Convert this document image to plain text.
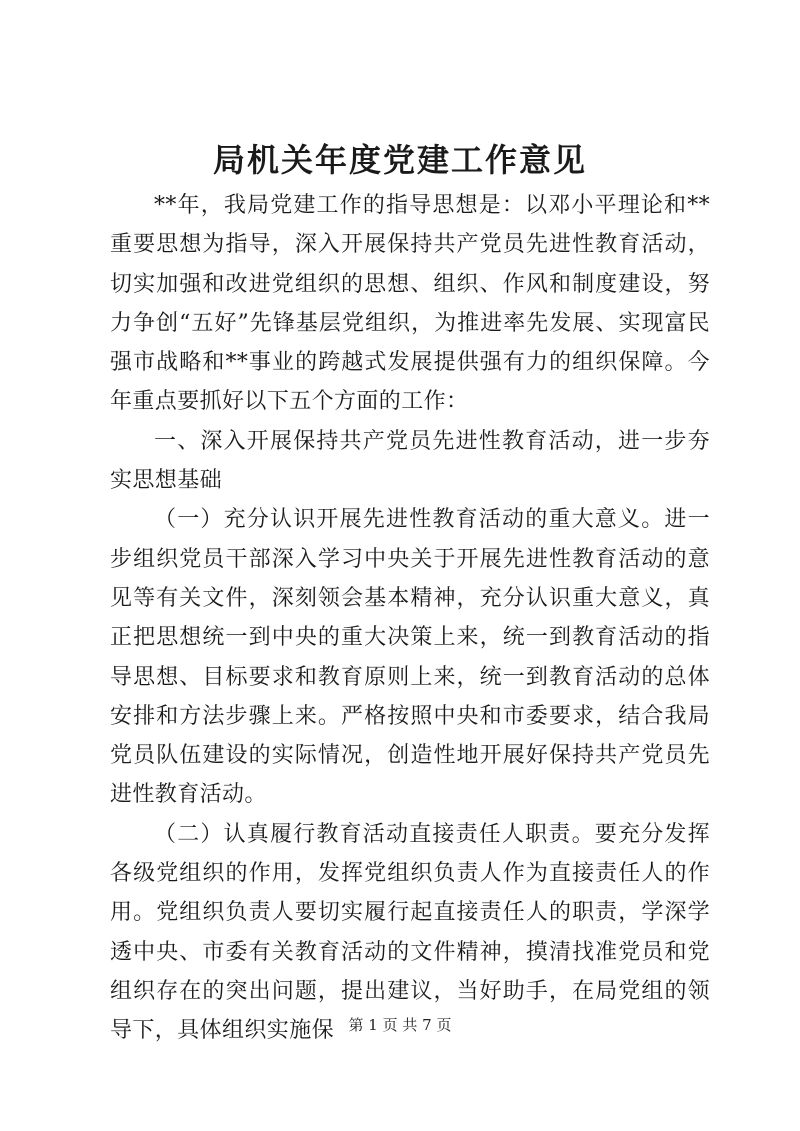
局机关年度党建工作意见

**年，我局党建工作的指导思想是：以邓小平理论和**重要思想为指导，深入开展保持共产党员先进性教育活动，切实加强和改进党组织的思想、组织、作风和制度建设，努力争创“五好”先锋基层党组织，为推进率先发展、实现富民强市战略和**事业的跨越式发展提供强有力的组织保障。今年重点要抓好以下五个方面的工作：

一、深入开展保持共产党员先进性教育活动，进一步夯实思想基础

（一）充分认识开展先进性教育活动的重大意义。进一步组织党员干部深入学习中央关于开展先进性教育活动的意见等有关文件，深刻领会基本精神，充分认识重大意义，真正把思想统一到中央的重大决策上来，统一到教育活动的指导思想、目标要求和教育原则上来，统一到教育活动的总体安排和方法步骤上来。严格按照中央和市委要求，结合我局党员队伍建设的实际情况，创造性地开展好保持共产党员先进性教育活动。

（二）认真履行教育活动直接责任人职责。要充分发挥各级党组织的作用，发挥党组织负责人作为直接责任人的作用。党组织负责人要切实履行起直接责任人的职责，学深学透中央、市委有关教育活动的文件精神，摸清找准党员和党组织存在的突出问题，提出建议，当好助手，在局党组的领导下，具体组织实施保 第 1 页 共 7 页
